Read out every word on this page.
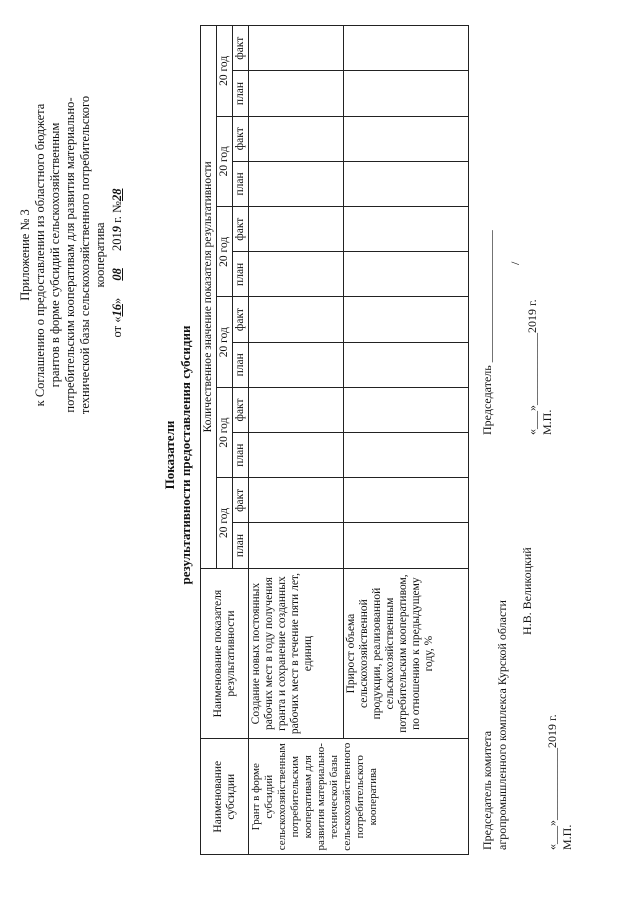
Приложение № 3 к Соглашению о предоставлении из областного бюджета грантов в форме субсидий сельскохозяйственным потребительским кооперативам для развития материально- технической базы сельскохозяйственного потребительского кооператива
от «16» 08 2019 г. №28
Показатели результативности предоставления субсидии
Наименование субсидии	Наименование показателя результативности	Количественное значение показателя результативности											
		20 год		20 год		20 год		20 год		20 год		20 год	
		план	факт	план	факт	план	факт	план	факт	план	факт	план	факт
Грант в форме субсидий сельскохозяйственным потребительским кооперативам для развития материально-технической базы сельскохозяйственного потребительского кооператива	Создание новых постоянных рабочих мест в году получения гранта и сохранение созданных рабочих мест в течение пяти лет, единиц												
	Прирост объема сельскохозяйственной продукции, реализованной сельскохозяйственным потребительским кооперативом, по отношению к предыдущему году, %												
Председатель комитета агропромышленного комплекса Курской области
Н.В. Великоцкий
«___»____________2019 г. М.П.
Председатель ______________________ /
«___»____________2019 г. М.П.
